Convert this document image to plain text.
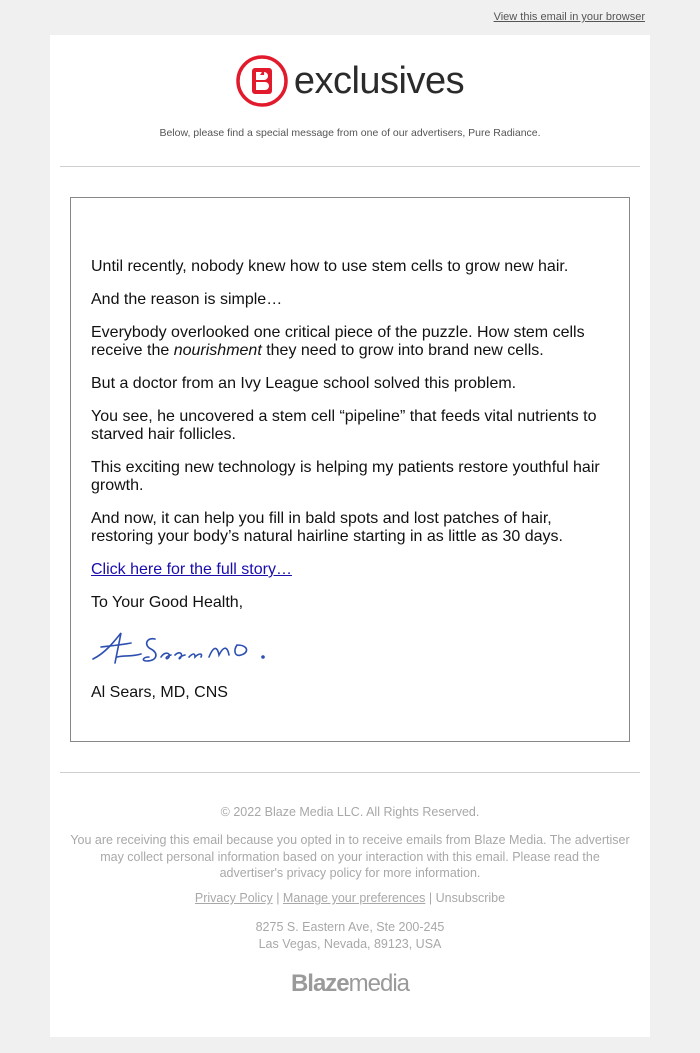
View this email in your browser
exclusives
Below, please find a special message from one of our advertisers, Pure Radiance.

Until recently, nobody knew how to use stem cells to grow new hair.

And the reason is simple…

Everybody overlooked one critical piece of the puzzle. How stem cells receive the nourishment they need to grow into brand new cells.

But a doctor from an Ivy League school solved this problem.

You see, he uncovered a stem cell “pipeline” that feeds vital nutrients to starved hair follicles.

This exciting new technology is helping my patients restore youthful hair growth.

And now, it can help you fill in bald spots and lost patches of hair, restoring your body’s natural hairline starting in as little as 30 days.

Click here for the full story…

To Your Good Health,

Al Sears, MD, CNS

© 2022 Blaze Media LLC. All Rights Reserved.
You are receiving this email because you opted in to receive emails from Blaze Media. The advertiser may collect personal information based on your interaction with this email. Please read the advertiser's privacy policy for more information.
Privacy Policy | Manage your preferences | Unsubscribe
8275 S. Eastern Ave, Ste 200-245
Las Vegas, Nevada, 89123, USA
Blazemedia
